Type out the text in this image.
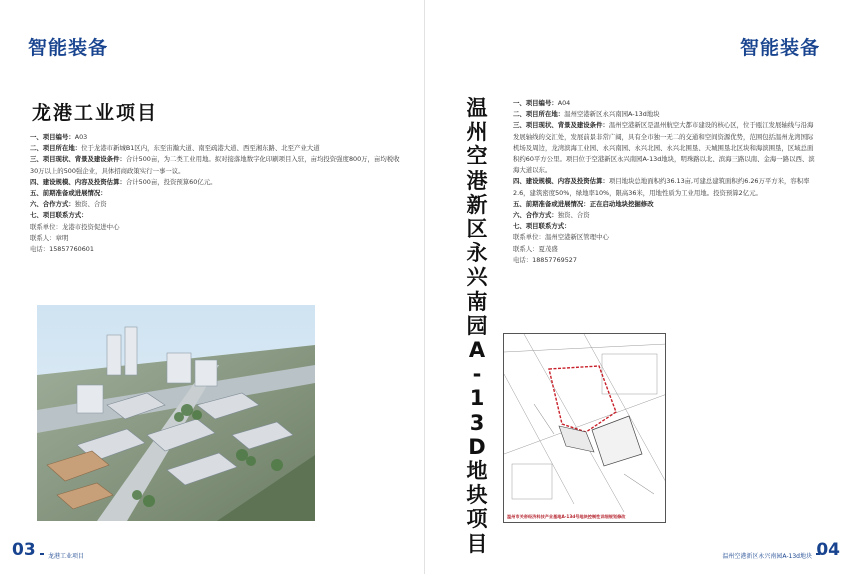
智能装备
龙港工业项目
一、项目编号：A03
二、项目所在地：位于龙港市新城B1区内，东至宙瀚大道、南至疏港大道、西至湘东路、北至产业大道
三、项目现状、背景及建设条件：合计500亩，为二类工业用地。拟对接落地数字化印刷项目入驻，亩均投资强度800万，亩均税收30万以上的500强企业，具体招商政策实行一事一议。
四、建设规模、内容及投资估算：合计500亩，投资预算60亿元。
五、前期准备或进展情况：
六、合作方式：独资、合资
七、项目联系方式：
联系单位：龙港市投资促进中心
联系人：章明
电话：15857760601
03 龙港工业项目
智能装备
温
州
空
港
新
区
永
兴
南
园
A
-
1
3
D
地
块
项
目
一、项目编号：A04
二、项目所在地：温州空港新区永兴南园A-13d地块
三、项目现状、背景及建设条件：温州空港新区是温州航空大都市建设的核心区，位于瓯江发展轴线与沿海发展轴线的交汇处，发展前景非常广阔，具有全市独一无二的交通和空间资源优势，范围包括温州龙湾国际机场及周边，龙湾滨海工业园、永兴南园、永兴北园、永兴北围垦、天城围垦北区块和海滨围垦，区域总面积约60平方公里。项目位于空港新区永兴南园A-13d地块，明珠路以北、滨海三路以南、金海一路以西、滨海大道以东。
四、建设规模、内容及投资估算：项目地块总地面积约36.13亩,可建总建筑面积约6.26万平方米，容积率2.6，建筑密度50%，绿地率10%，限高36米，用地性质为工业用地。投资预算2亿元。
五、前期准备或进展情况：正在启动地块挖掘修改
六、合作方式：独资、合资
七、项目联系方式：
联系单位：温州空港新区管理中心
联系人：夏茂盛
电话：18857769527
温州空港新区永兴南园A-13d地块 04
温州市关帝经济科技产业基地A-13d号地块控制性详细规划修改
